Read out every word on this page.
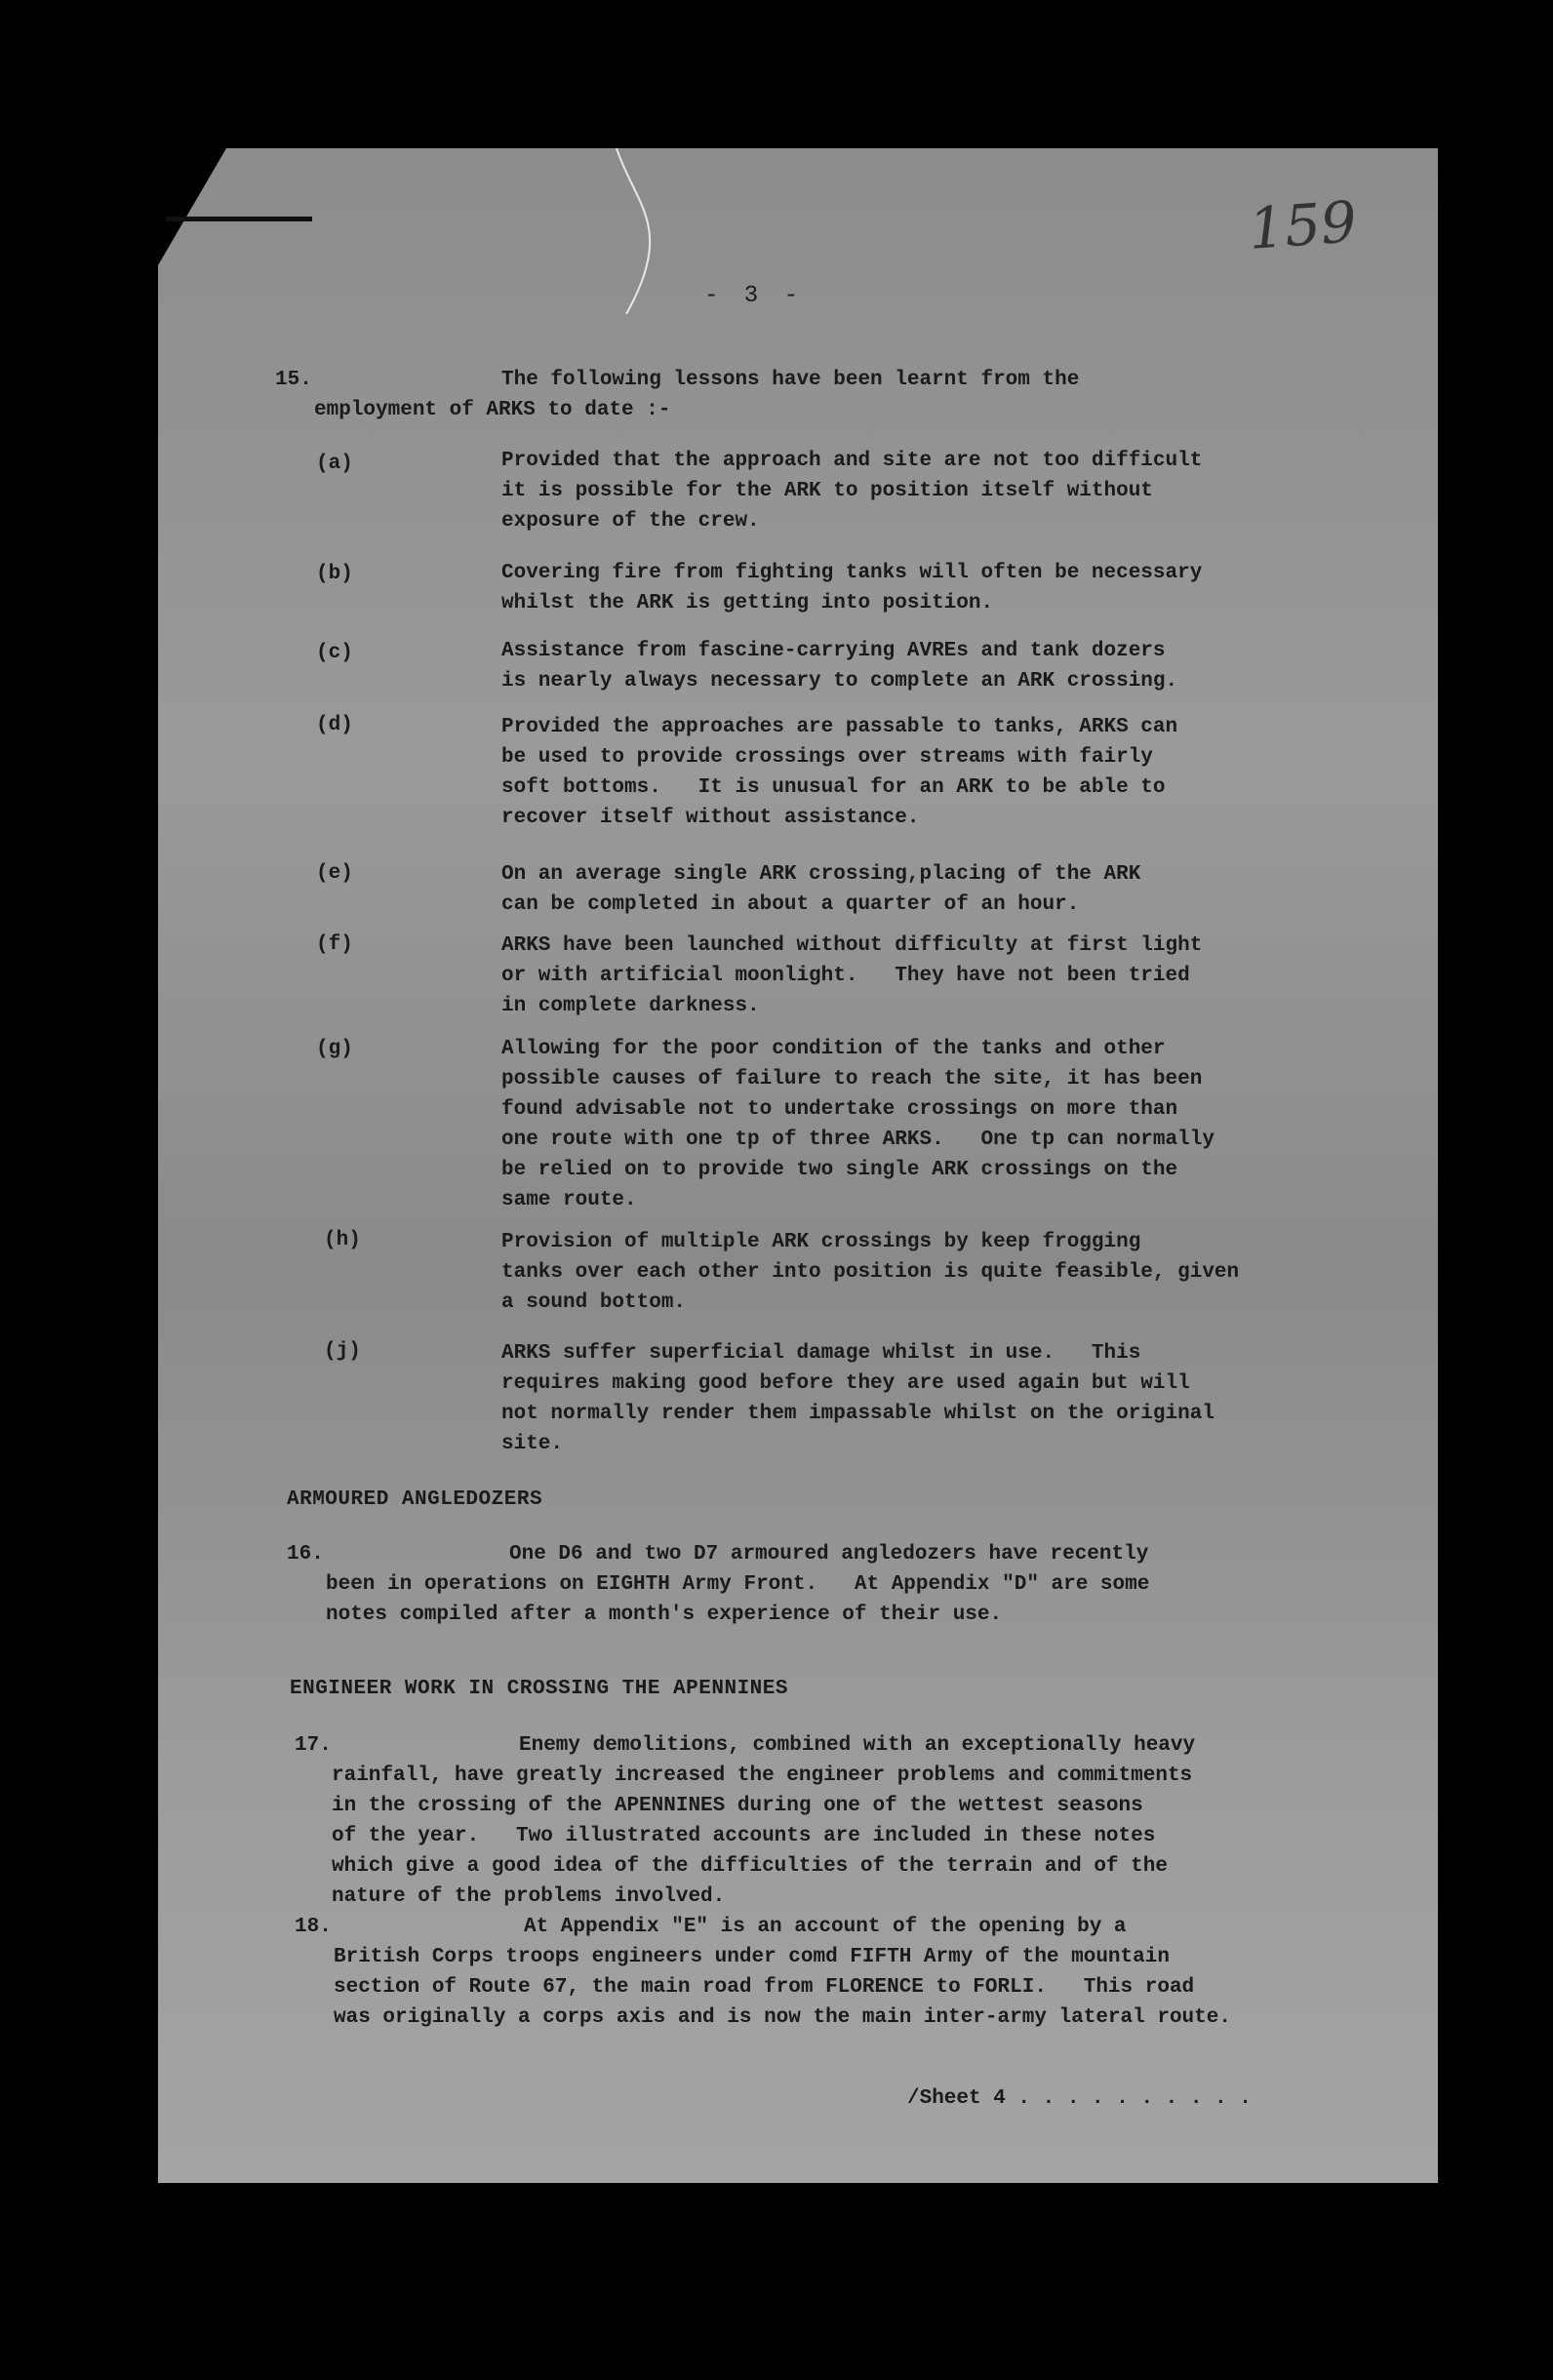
159
- 3 -
15.	The following lessons have been learnt from the
employment of ARKS to date :-
(a)	Provided that the approach and site are not too difficult
it is possible for the ARK to position itself without
exposure of the crew.
(b)	Covering fire from fighting tanks will often be necessary
whilst the ARK is getting into position.
(c)	Assistance from fascine-carrying AVREs and tank dozers
is nearly always necessary to complete an ARK crossing.
(d)	Provided the approaches are passable to tanks, ARKS can
be used to provide crossings over streams with fairly
soft bottoms.   It is unusual for an ARK to be able to
recover itself without assistance.
(e)	On an average single ARK crossing,placing of the ARK
can be completed in about a quarter of an hour.
(f)	ARKS have been launched without difficulty at first light
or with artificial moonlight.   They have not been tried
in complete darkness.
(g)	Allowing for the poor condition of the tanks and other
possible causes of failure to reach the site, it has been
found advisable not to undertake crossings on more than
one route with one tp of three ARKS.   One tp can normally
be relied on to provide two single ARK crossings on the
same route.
(h)	Provision of multiple ARK crossings by keep frogging
tanks over each other into position is quite feasible, given
a sound bottom.
(j)	ARKS suffer superficial damage whilst in use.   This
requires making good before they are used again but will
not normally render them impassable whilst on the original
site.
ARMOURED ANGLEDOZERS
16.	One D6 and two D7 armoured angledozers have recently
been in operations on EIGHTH Army Front.   At Appendix "D" are some
notes compiled after a month's experience of their use.
ENGINEER WORK IN CROSSING THE APENNINES
17.	Enemy demolitions, combined with an exceptionally heavy
rainfall, have greatly increased the engineer problems and commitments
in the crossing of the APENNINES during one of the wettest seasons
of the year.   Two illustrated accounts are included in these notes
which give a good idea of the difficulties of the terrain and of the
nature of the problems involved.
18.	At Appendix "E" is an account of the opening by a
British Corps troops engineers under comd FIFTH Army of the mountain
section of Route 67, the main road from FLORENCE to FORLI.   This road
was originally a corps axis and is now the main inter-army lateral route.
/Sheet 4 . . . . . . . . . .
